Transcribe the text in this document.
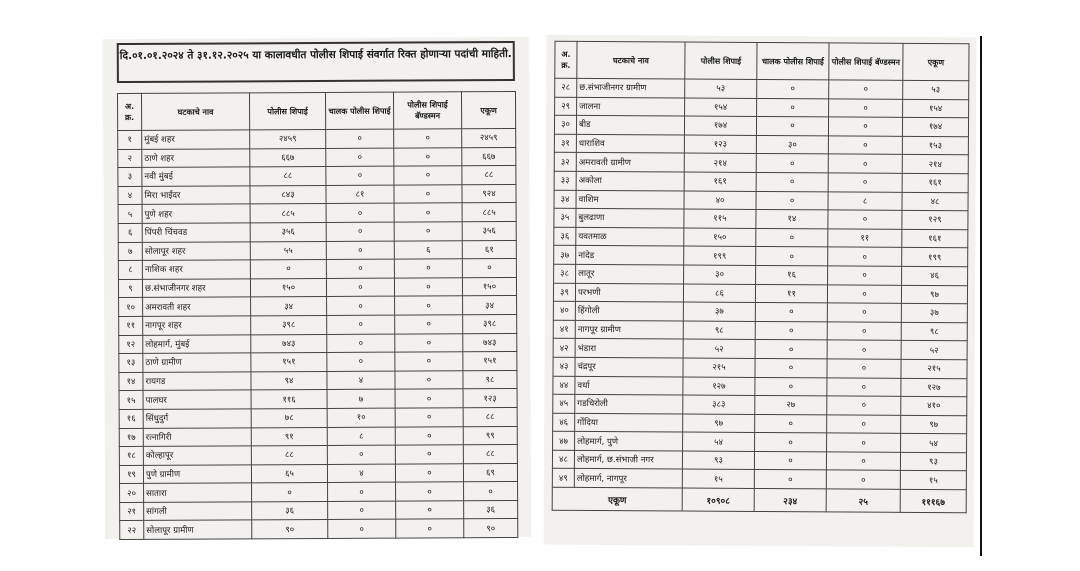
दि.०१.०१.२०२४ ते ३१.१२.२०२५ या कालावधीत पोलीस शिपाई संवर्गात रिक्त होणाऱ्या पदांची माहिती.
अ. क्र.	घटकाचे नाव	पोलीस शिपाई	चालक पोलीस शिपाई	पोलीस शिपाई बॅण्डस्मन	एकूण
१	मुंबई शहर	२४५९	०	०	२४५९
२	ठाणे शहर	६६७	०	०	६६७
३	नवी मुंबई	८८	०	०	८८
४	मिरा भाईंदर	८४३	८१	०	९२४
५	पुणे शहर	८८५	०	०	८८५
६	पिंपरी चिंचवड	३५६	०	०	३५६
७	सोलापूर शहर	५५	०	६	६१
८	नाशिक शहर	०	०	०	०
९	छ.संभाजीनगर शहर	१५०	०	०	१५०
१०	अमरावती शहर	३४	०	०	३४
११	नागपूर शहर	३९८	०	०	३९८
१२	लोहमार्ग, मुंबई	७४३	०	०	७४३
१३	ठाणे ग्रामीण	१५१	०	०	१५१
१४	रायगड	९४	४	०	९८
१५	पालघर	११६	७	०	१२३
१६	सिंधुदुर्ग	७८	१०	०	८८
१७	रत्नागिरी	९१	८	०	९९
१८	कोल्हापूर	८८	०	०	८८
१९	पुणे ग्रामीण	६५	४	०	६९
२०	सातारा	०	०	०	०
२१	सांगली	३६	०	०	३६
२२	सोलापूर ग्रामीण	९०	०	०	९०
अ. क्र.	घटकाचे नाव	पोलीस शिपाई	चालक पोलीस शिपाई	पोलीस शिपाई बॅण्डस्मन	एकूण
२८	छ.संभाजीनगर ग्रामीण	५३	०	०	५३
२९	जालना	१५४	०	०	१५४
३०	बीड	१७४	०	०	१७४
३१	धाराशिव	१२३	३०	०	१५३
३२	अमरावती ग्रामीण	२१४	०	०	२१४
३३	अकोला	१६१	०	०	१६१
३४	वाशिम	४०	०	८	४८
३५	बुलढाणा	११५	१४	०	१२९
३६	यवतमाळ	१५०	०	११	१६१
३७	नांदेड	१९९	०	०	१९९
३८	लातूर	३०	१६	०	४६
३९	परभणी	८६	११	०	९७
४०	हिंगोली	३७	०	०	३७
४१	नागपूर ग्रामीण	९८	०	०	९८
४२	भंडारा	५२	०	०	५२
४३	चंद्रपूर	२१५	०	०	२१५
४४	वर्धा	१२७	०	०	१२७
४५	गडचिरोली	३८३	२७	०	४१०
४६	गोंदिया	९७	०	०	९७
४७	लोहमार्ग, पुणे	५४	०	०	५४
४८	लोहमार्ग, छ.संभाजी नगर	९३	०	०	९३
४९	लोहमार्ग, नागपूर	१५	०	०	१५
एकूण		१०९०८	२३४	२५	१११६७
